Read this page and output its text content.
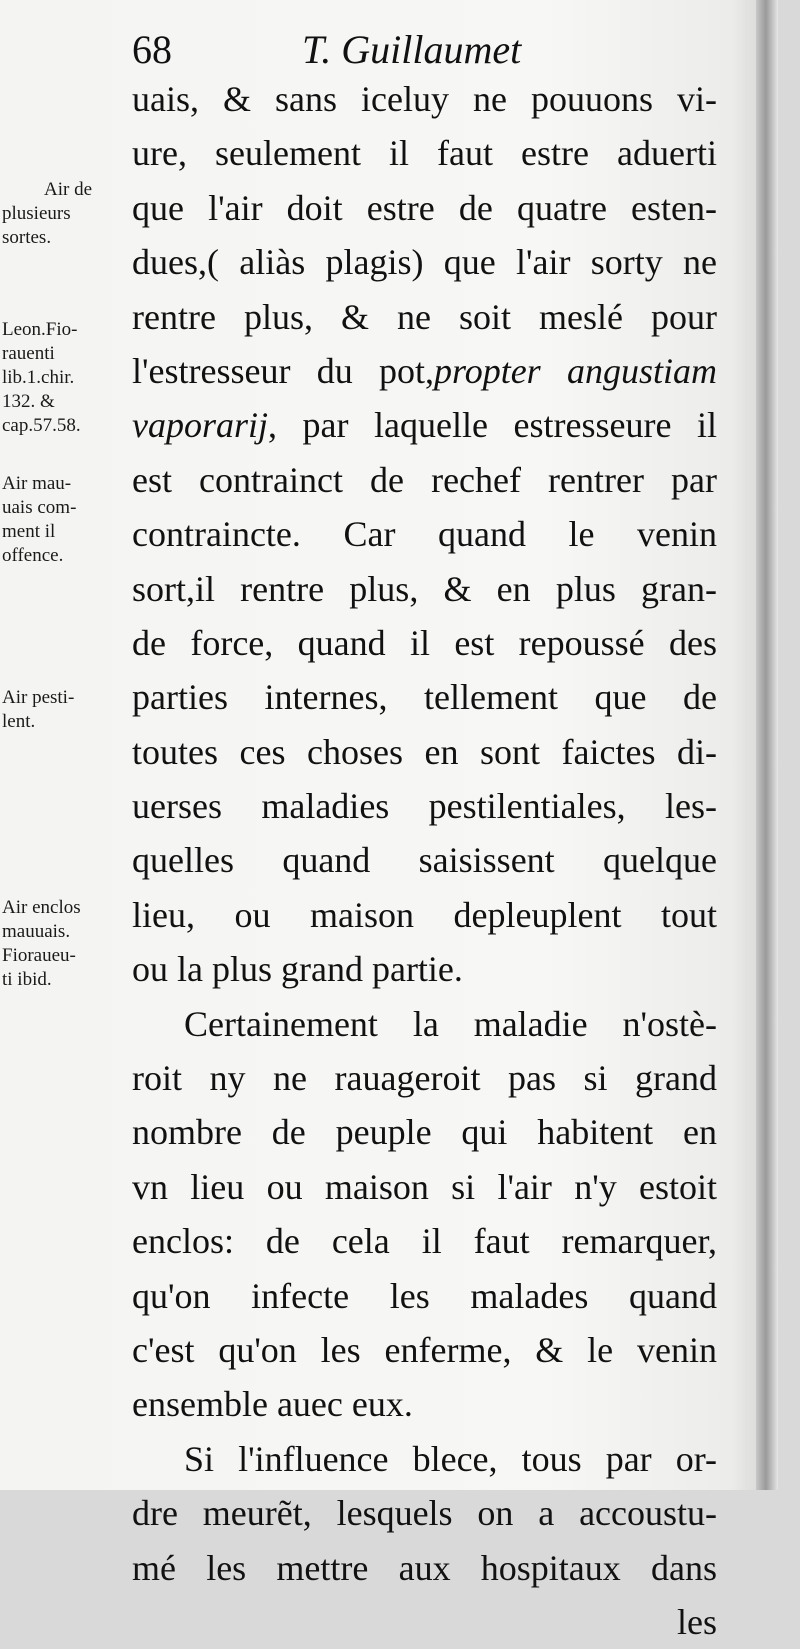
68	T. Guillaumet
Air de
plusieurs
sortes.
Leon.Fio-
rauenti
lib.1.chir.
132. &
cap.57.58.
Air mau-
uais com-
ment il
offence.
Air pesti-
lent.
Air enclos
mauuais.
Fioraueu-
ti ibid.
uais, & sans iceluy ne pouuons vi-
ure, seulement il faut estre aduerti
que l'air doit estre de quatre esten-
dues,( aliàs plagis) que l'air sorty ne
rentre plus, & ne soit meslé pour
l'estresseur du pot,propter angustiam
vaporarij, par laquelle estresseure il
est contrainct de rechef rentrer par
contraincte. Car quand le venin
sort,il rentre plus, & en plus gran-
de force, quand il est repoussé des
parties internes, tellement que de
toutes ces choses en sont faictes di-
uerses maladies pestilentiales, les-
quelles quand saisissent quelque
lieu, ou maison depleuplent tout
ou la plus grand partie.
Certainement la maladie n'ostè-
roit ny ne rauageroit pas si grand
nombre de peuple qui habitent en
vn lieu ou maison si l'air n'y estoit
enclos: de cela il faut remarquer,
qu'on infecte les malades quand
c'est qu'on les enferme, & le venin
ensemble auec eux.
Si l'influence blece, tous par or-
dre meurẽt, lesquels on a accoustu-
mé les mettre aux hospitaux dans
les
